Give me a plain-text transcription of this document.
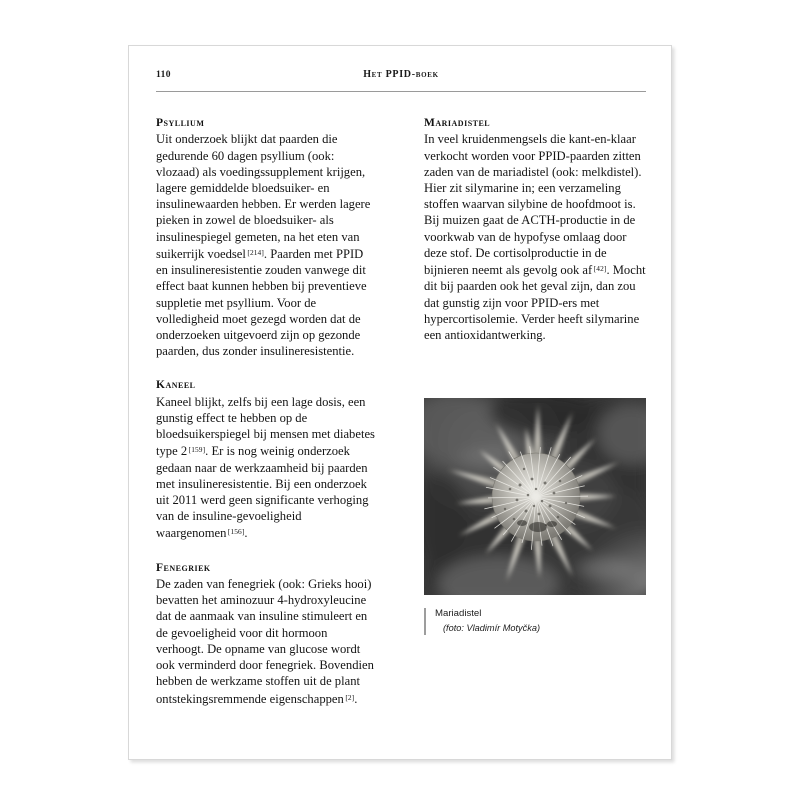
110	Het PPID-boek
Psyllium

Uit onderzoek blijkt dat paarden die gedurende 60 dagen psyllium (ook: vlozaad) als voedingssupplement krijgen, lagere gemiddelde bloedsuiker- en insulinewaarden hebben. Er werden lagere pieken in zowel de bloedsuiker- als insulinespiegel gemeten, na het eten van suikerrijk voedsel [214]. Paarden met PPID en insulineresistentie zouden vanwege dit effect baat kunnen hebben bij preventieve suppletie met psyllium. Voor de volledigheid moet gezegd worden dat de onderzoeken uitgevoerd zijn op gezonde paarden, dus zonder insulineresistentie.

Kaneel

Kaneel blijkt, zelfs bij een lage dosis, een gunstig effect te hebben op de bloedsuikerspiegel bij mensen met diabetes type 2 [159]. Er is nog weinig onderzoek gedaan naar de werkzaamheid bij paarden met insulineresistentie. Bij een onderzoek uit 2011 werd geen significante verhoging van de insuline-gevoeligheid waargenomen [156].

Fenegriek

De zaden van fenegriek (ook: Grieks hooi) bevatten het aminozuur 4-hydroxyleucine dat de aanmaak van insuline stimuleert en de gevoeligheid voor dit hormoon verhoogt. De opname van glucose wordt ook verminderd door fenegriek. Bovendien hebben de werkzame stoffen uit de plant ontstekingsremmende eigenschappen [2].

Mariadistel

In veel kruidenmengsels die kant-en-klaar verkocht worden voor PPID-paarden zitten zaden van de mariadistel (ook: melkdistel). Hier zit silymarine in; een verzameling stoffen waarvan silybine de hoofdmoot is. Bij muizen gaat de ACTH-productie in de voorkwab van de hypofyse omlaag door deze stof. De cortisolproductie in de bijnieren neemt als gevolg ook af [42]. Mocht dit bij paarden ook het geval zijn, dan zou dat gunstig zijn voor PPID-ers met hypercortisolemie. Verder heeft silymarine een antioxidantwerking.

Mariadistel

(foto: Vladimír Motyčka)
